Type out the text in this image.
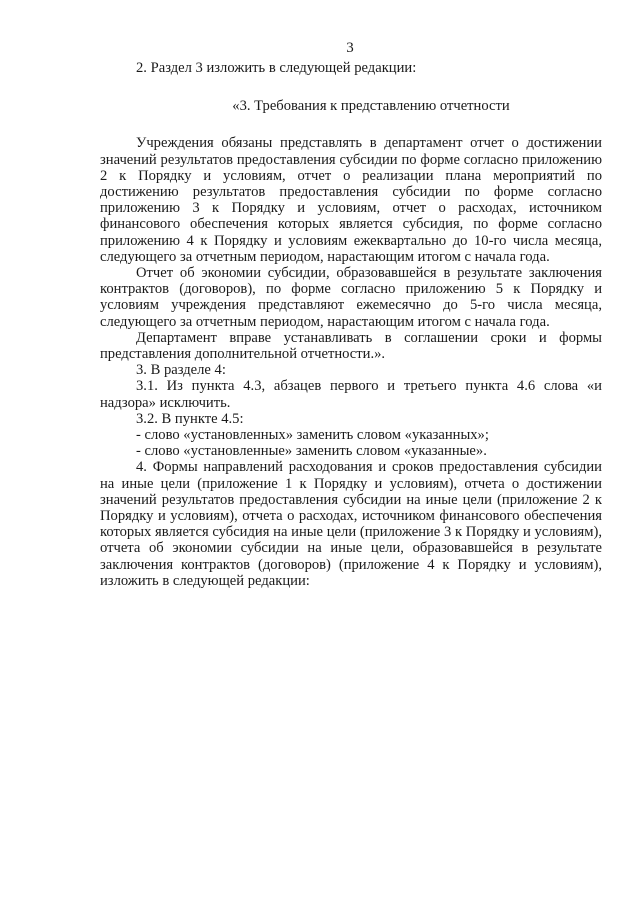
3

2. Раздел 3 изложить в следующей редакции:

«3. Требования к представлению отчетности

Учреждения обязаны представлять в департамент отчет о достижении значений результатов предоставления субсидии по форме согласно приложению 2 к Порядку и условиям, отчет о реализации плана мероприятий по достижению результатов предоставления субсидии по форме согласно приложению 3 к Порядку и условиям, отчет о расходах, источником финансового обеспечения которых является субсидия, по форме согласно приложению 4 к Порядку и условиям ежеквартально до 10-го числа месяца, следующего за отчетным периодом, нарастающим итогом с начала года.

Отчет об экономии субсидии, образовавшейся в результате заключения контрактов (договоров), по форме согласно приложению 5 к Порядку и условиям учреждения представляют ежемесячно до 5-го числа месяца, следующего за отчетным периодом, нарастающим итогом с начала года.

Департамент вправе устанавливать в соглашении сроки и формы представления дополнительной отчетности.».

3. В разделе 4:

3.1. Из пункта 4.3, абзацев первого и третьего пункта 4.6 слова «и надзора» исключить.

3.2. В пункте 4.5:

- слово «установленных» заменить словом «указанных»;

- слово «установленные» заменить словом «указанные».

4. Формы направлений расходования и сроков предоставления субсидии на иные цели (приложение 1 к Порядку и условиям), отчета о достижении значений результатов предоставления субсидии на иные цели (приложение 2 к Порядку и условиям), отчета о расходах, источником финансового обеспечения которых является субсидия на иные цели (приложение 3 к Порядку и условиям), отчета об экономии субсидии на иные цели, образовавшейся в результате заключения контрактов (договоров) (приложение 4 к Порядку и условиям), изложить в следующей редакции:
